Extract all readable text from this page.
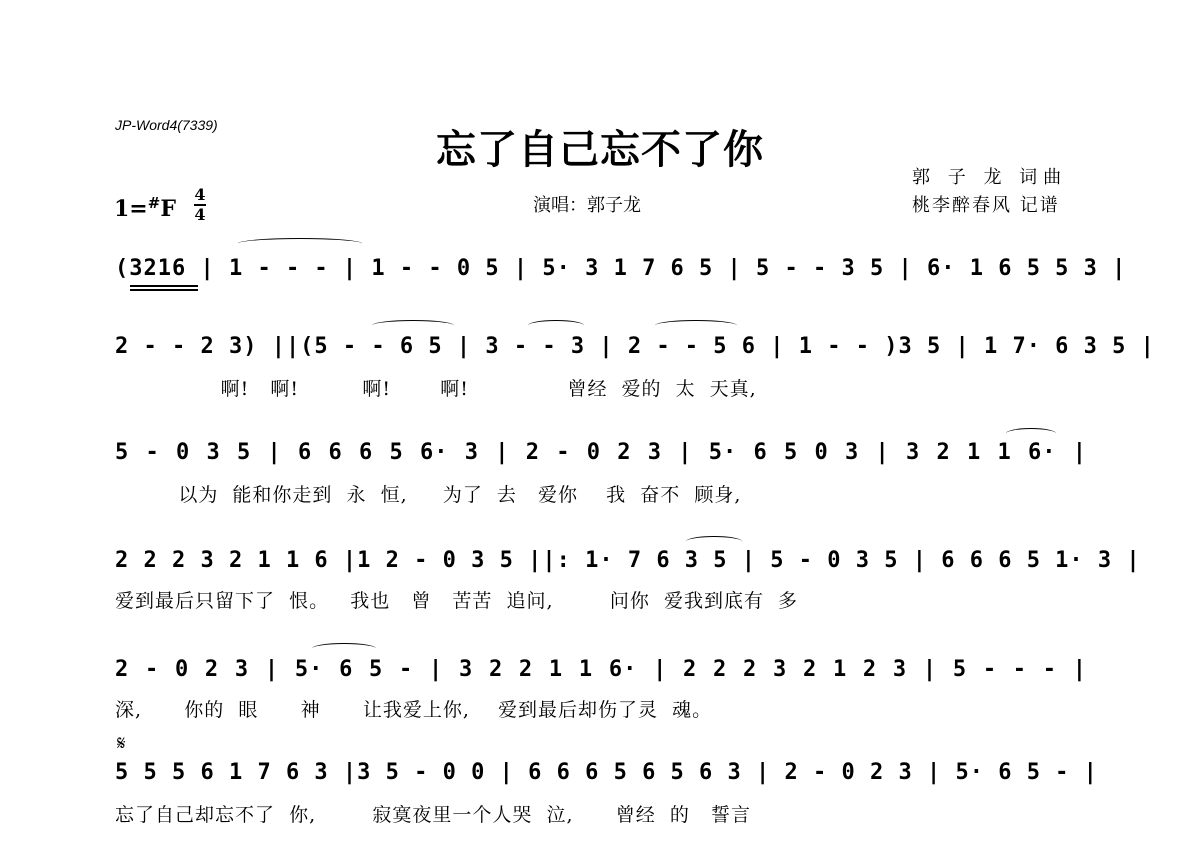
JP-Word4(7339)
忘了自己忘不了你
演唱：郭子龙
郭 子 龙 词曲
桃李醉春风 记谱
1=#F
4
4
(3216 | 1 - - - | 1 - - 0 5 | 5· 3 1 7 6 5 | 5 - - 3 5 | 6· 1 6 5 5 3 |
2 - - 2 3) ||(5 - - 6 5 | 3 - - 3 | 2 - - 5 6 | 1 - - )3 5 | 1 7· 6 3 5 |
啊!   啊!         啊!       啊!              曾经  爱的  太  天真,
5 - 0 3 5 | 6 6 6 5 6· 3 | 2 - 0 2 3 | 5· 6 5 0 3 | 3 2 1 1 6· |
以为  能和你走到  永  恒,     为了  去   爱你    我  奋不  顾身,
2 2 2 3 2 1 1 6 |1 2 - 0 3 5 ||: 1· 7 6 3 5 | 5 - 0 3 5 | 6 6 6 5 1· 3 |
爱到最后只留下了  恨。   我也   曾   苦苦  追问,        问你  爱我到底有  多
2 - 0 2 3 | 5· 6 5 - | 3 2 2 1 1 6· | 2 2 2 3 2 1 2 3 | 5 - - - |
深,      你的  眼      神      让我爱上你,    爱到最后却伤了灵  魂。
𝄋
5 5 5 6 1 7 6 3 |3 5 - 0 0 | 6 6 6 5 6 5 6 3 | 2 - 0 2 3 | 5· 6 5 - |
忘了自己却忘不了  你,        寂寞夜里一个人哭  泣,      曾经  的   誓言
